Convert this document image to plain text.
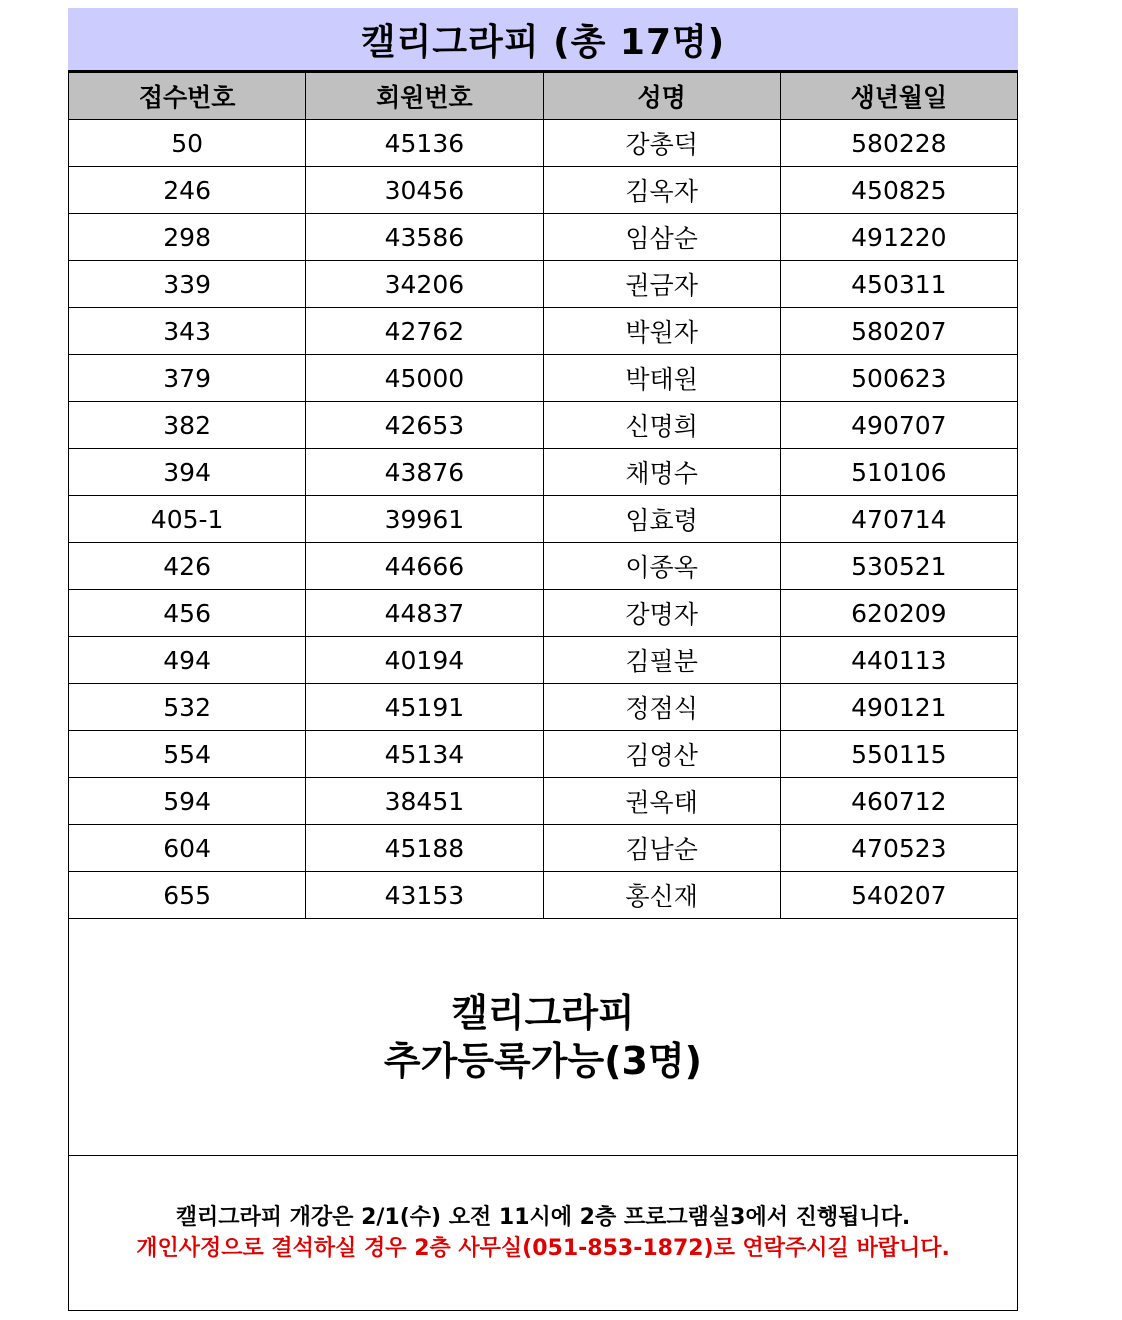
캘리그라피 (총 17명)
접수번호	회원번호	성명	생년월일
50	45136	강총덕	580228
246	30456	김옥자	450825
298	43586	임삼순	491220
339	34206	권금자	450311
343	42762	박원자	580207
379	45000	박태원	500623
382	42653	신명희	490707
394	43876	채명수	510106
405-1	39961	임효령	470714
426	44666	이종옥	530521
456	44837	강명자	620209
494	40194	김필분	440113
532	45191	정점식	490121
554	45134	김영산	550115
594	38451	권옥태	460712
604	45188	김남순	470523
655	43153	홍신재	540207

캘리그라피
추가등록가능(3명)			

캘리그라피 개강은 2/1(수) 오전 11시에 2층 프로그램실3에서 진행됩니다.
개인사정으로 결석하실 경우 2층 사무실(051-853-1872)로 연락주시길 바랍니다.			
